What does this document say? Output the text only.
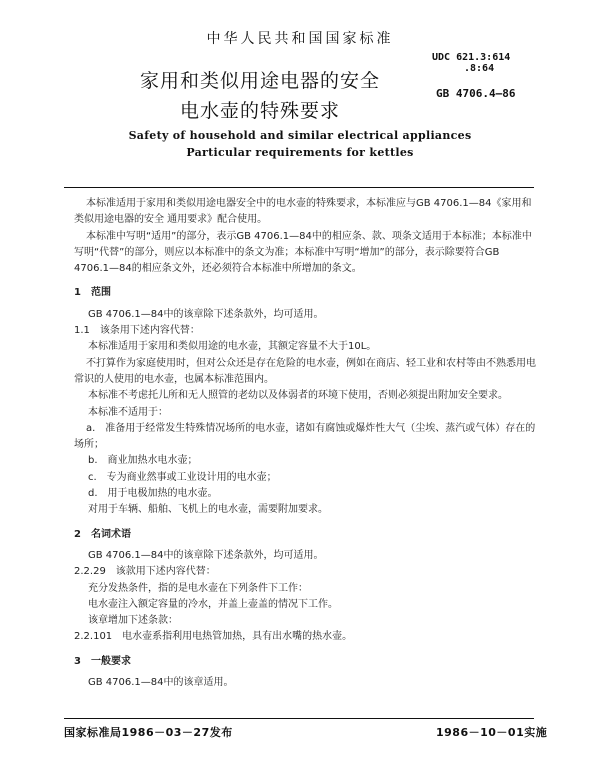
中华人民共和国国家标准
UDC 621.3:614
.8:64
GB 4706.4—86
家用和类似用途电器的安全
电水壶的特殊要求
Safety of household and similar electrical appliances
Particular requirements for kettles

本标准适用于家用和类似用途电器安全中的电水壶的特殊要求，本标准应与GB 4706.1—84《家用和类似用途电器的安全 通用要求》配合使用。

本标准中写明“适用”的部分，表示GB 4706.1—84中的相应条、款、项条文适用于本标准；本标准中写明“代替”的部分，则应以本标准中的条文为准；本标准中写明“增加”的部分，表示除要符合GB 4706.1—84的相应条文外，还必须符合本标准中所增加的条文。

1　范围

GB 4706.1—84中的该章除下述条款外，均可适用。

1.1　该条用下述内容代替：

本标准适用于家用和类似用途的电水壶，其额定容量不大于10L。

不打算作为家庭使用时，但对公众还是存在危险的电水壶，例如在商店、轻工业和农村等由不熟悉用电常识的人使用的电水壶，也属本标准范围内。

本标准不考虑托儿所和无人照管的老幼以及体弱者的环境下使用，否则必须提出附加安全要求。

本标准不适用于：

a.　准备用于经常发生特殊情况场所的电水壶，诸如有腐蚀或爆炸性大气（尘埃、蒸汽或气体）存在的场所；

b.　商业加热水电水壶；

c.　专为商业然事或工业设计用的电水壶；

d.　用于电极加热的电水壶。

对用于车辆、船舶、飞机上的电水壶，需要附加要求。

2　名词术语

GB 4706.1—84中的该章除下述条款外，均可适用。

2.2.29　该款用下述内容代替：

充分发热条件，指的是电水壶在下列条件下工作：

电水壶注入额定容量的冷水，并盖上壶盖的情况下工作。

该章增加下述条款：

2.2.101　电水壶系指利用电热管加热，具有出水嘴的热水壶。

3　一般要求

GB 4706.1—84中的该章适用。

国家标准局1986－03－27发布	1986－10－01实施
